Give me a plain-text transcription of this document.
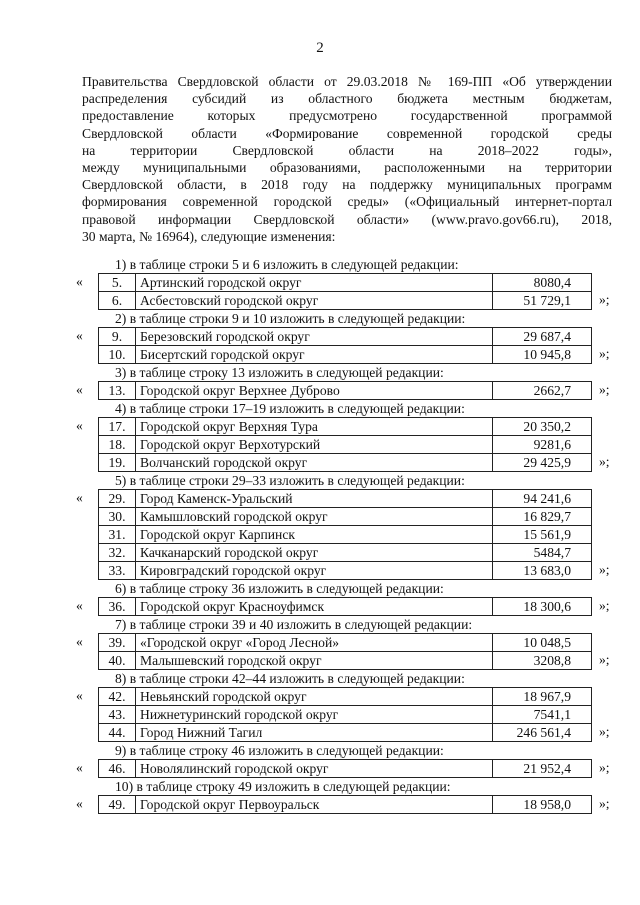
2
Правительства Свердловской области от 29.03.2018 № 169-ПП «Об утверждении
распределения субсидий из областного бюджета местным бюджетам,
предоставление которых предусмотрено государственной программой
Свердловской области «Формирование современной городской среды
на территории Свердловской области на 2018–2022 годы»,
между муниципальными образованиями, расположенными на территории
Свердловской области, в 2018 году на поддержку муниципальных программ
формирования современной городской среды» («Официальный интернет-портал
правовой информации Свердловской области» (www.pravo.gov66.ru), 2018,
30 марта, № 16964), следующие изменения:
1) в таблице строки 5 и 6 изложить в следующей редакции:
« 5.	Артинский городской округ	8080,4
6.	Асбестовский городской округ	51 729,1 »;
2) в таблице строки 9 и 10 изложить в следующей редакции:
« 9.	Березовский городской округ	29 687,4
10.	Бисертский городской округ	10 945,8 »;
3) в таблице строку 13 изложить в следующей редакции:
« 13.	Городской округ Верхнее Дуброво	2662,7 »;
4) в таблице строки 17–19 изложить в следующей редакции:
« 17.	Городской округ Верхняя Тура	20 350,2
18.	Городской округ Верхотурский	9281,6
19.	Волчанский городской округ	29 425,9 »;
5) в таблице строки 29–33 изложить в следующей редакции:
« 29.	Город Каменск-Уральский	94 241,6
30.	Камышловский городской округ	16 829,7
31.	Городской округ Карпинск	15 561,9
32.	Качканарский городской округ	5484,7
33.	Кировградский городской округ	13 683,0 »;
6) в таблице строку 36 изложить в следующей редакции:
« 36.	Городской округ Красноуфимск	18 300,6 »;
7) в таблице строки 39 и 40 изложить в следующей редакции:
« 39.	«Городской округ «Город Лесной»	10 048,5
40.	Малышевский городской округ	3208,8 »;
8) в таблице строки 42–44 изложить в следующей редакции:
« 42.	Невьянский городской округ	18 967,9
43.	Нижнетуринский городской округ	7541,1
44.	Город Нижний Тагил	246 561,4 »;
9) в таблице строку 46 изложить в следующей редакции:
« 46.	Новолялинский городской округ	21 952,4 »;
10) в таблице строку 49 изложить в следующей редакции:
« 49.	Городской округ Первоуральск	18 958,0 »;
